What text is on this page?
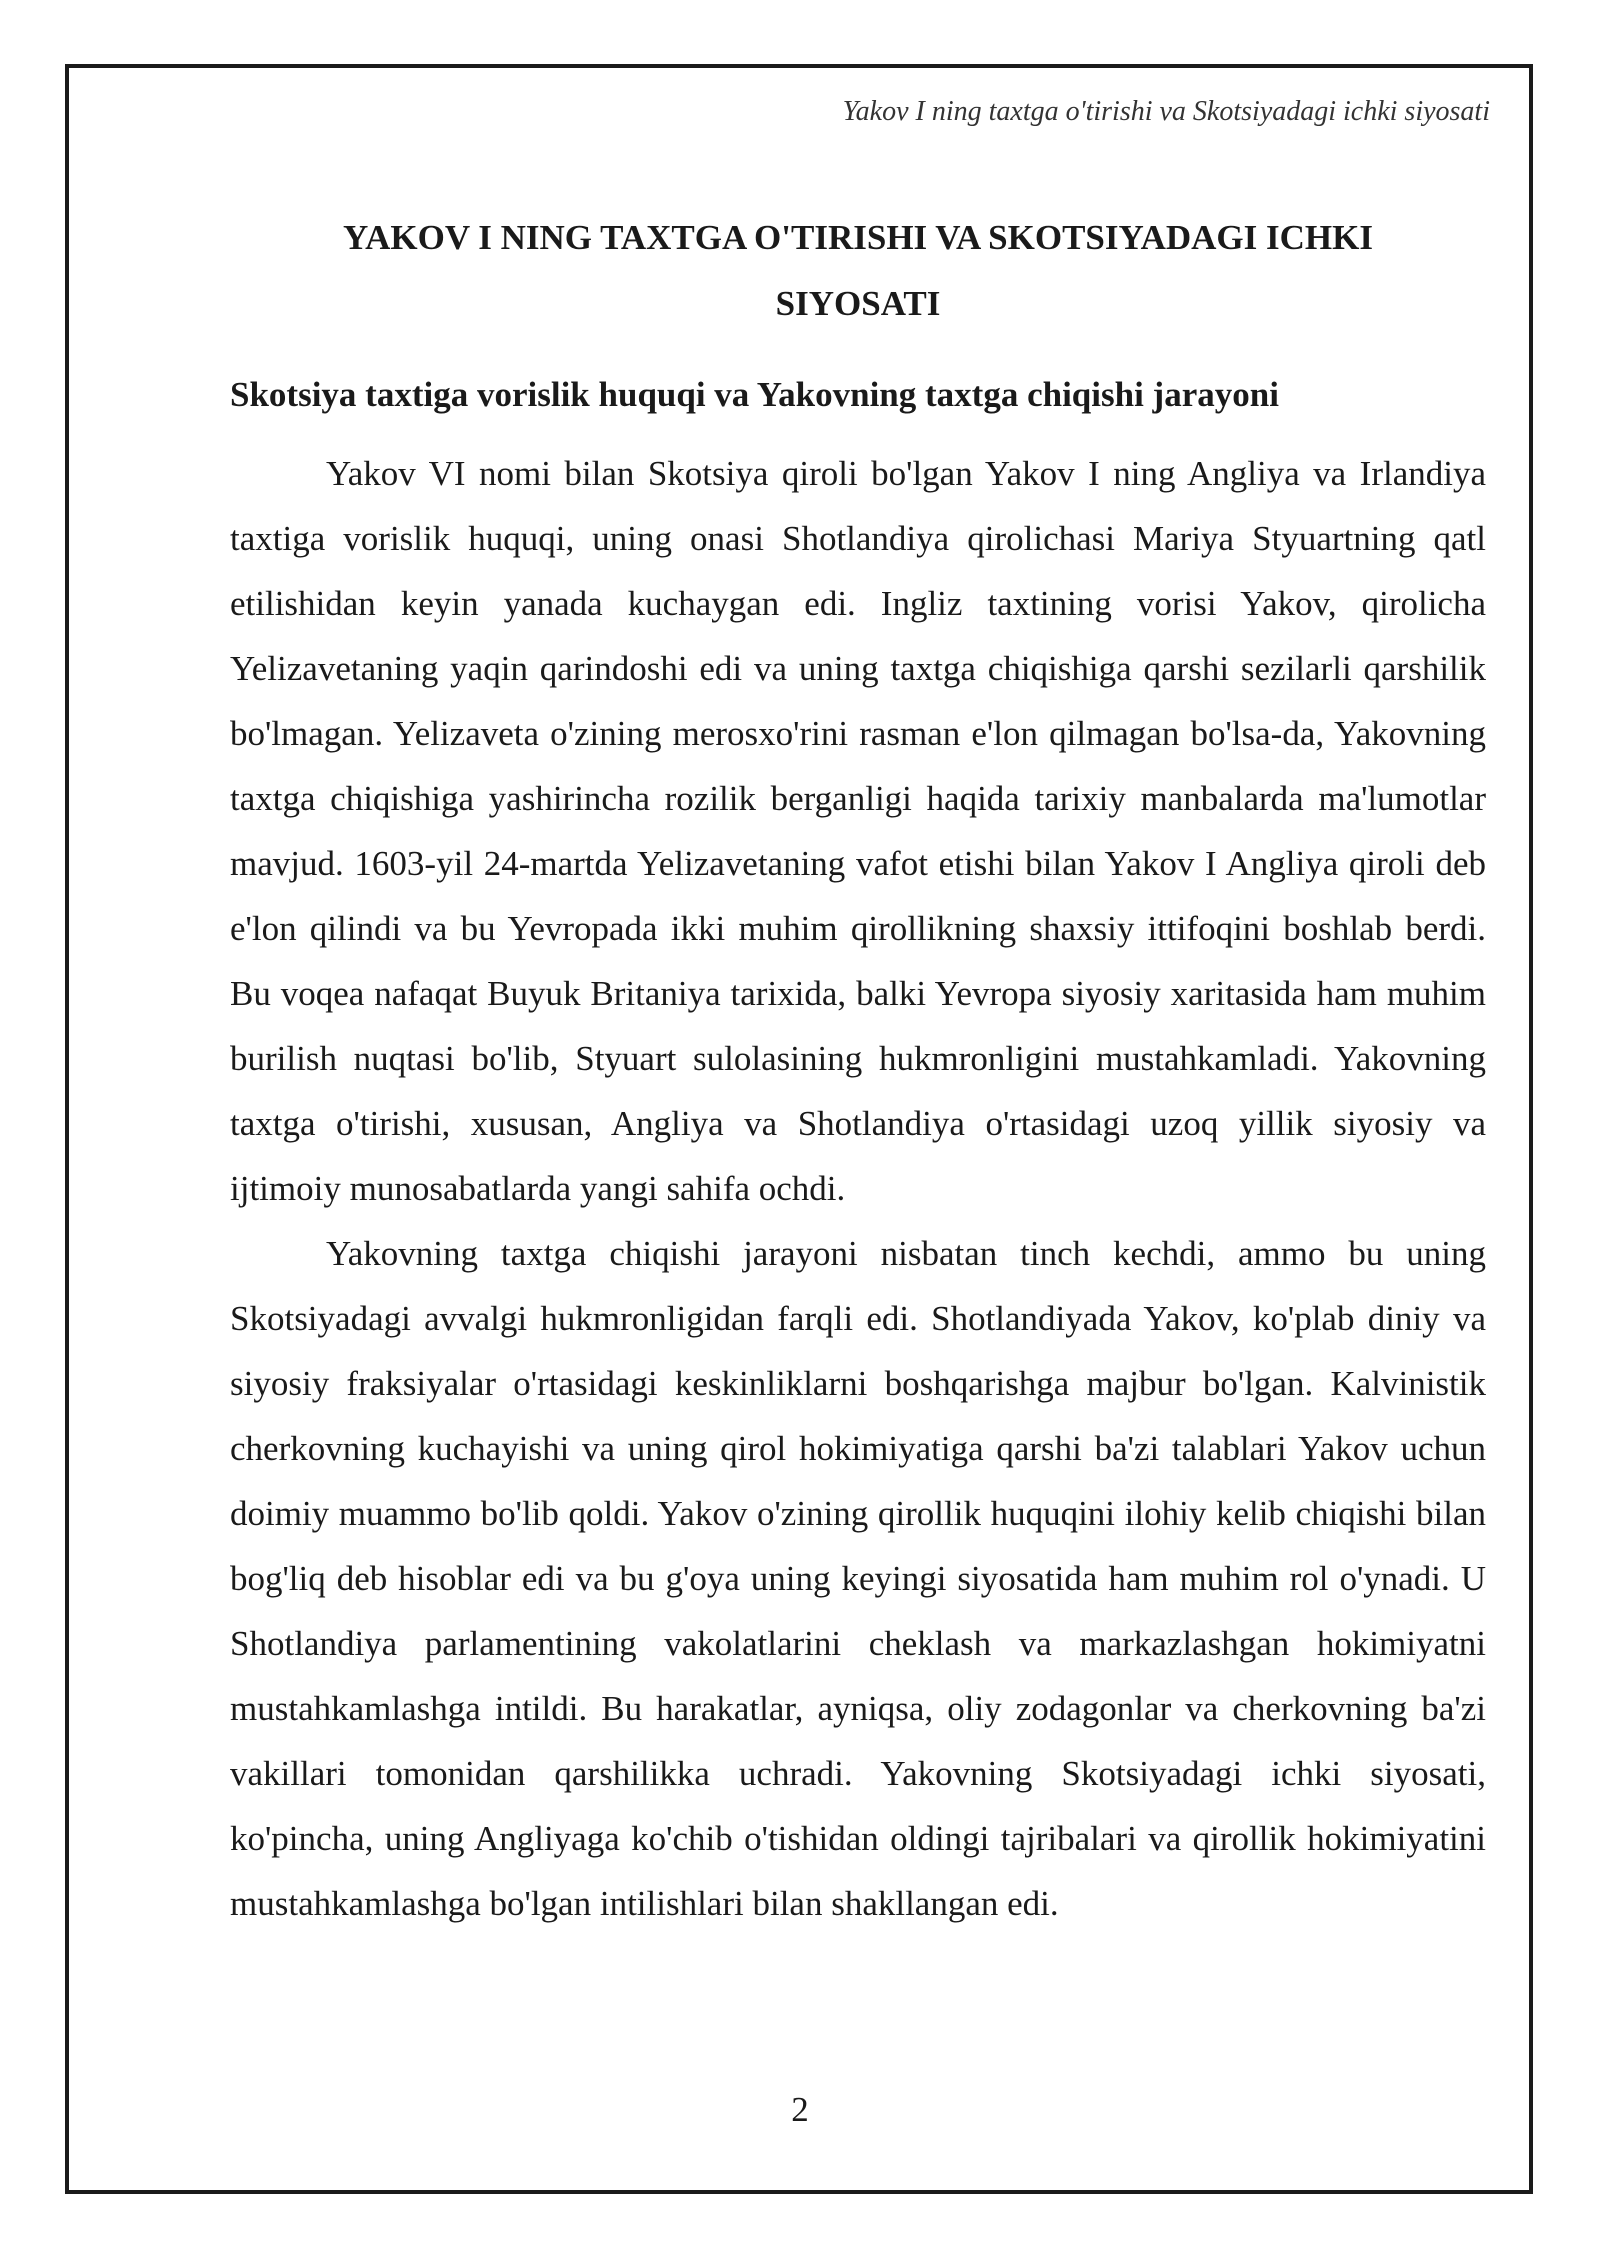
Yakov I ning taxtga o'tirishi va Skotsiyadagi ichki siyosati
YAKOV I NING TAXTGA O'TIRISHI VA SKOTSIYADAGI ICHKI SIYOSATI
Skotsiya taxtiga vorislik huquqi va Yakovning taxtga chiqishi jarayoni

Yakov VI nomi bilan Skotsiya qiroli bo'lgan Yakov I ning Angliya va Irlandiya taxtiga vorislik huquqi, uning onasi Shotlandiya qirolichasi Mariya Styuartning qatl etilishidan keyin yanada kuchaygan edi. Ingliz taxtining vorisi Yakov, qirolicha Yelizavetaning yaqin qarindoshi edi va uning taxtga chiqishiga qarshi sezilarli qarshilik bo'lmagan. Yelizaveta o'zining merosxo'rini rasman e'lon qilmagan bo'lsa-da, Yakovning taxtga chiqishiga yashirincha rozilik berganligi haqida tarixiy manbalarda ma'lumotlar mavjud. 1603-yil 24-martda Yelizavetaning vafot etishi bilan Yakov I Angliya qiroli deb e'lon qilindi va bu Yevropada ikki muhim qirollikning shaxsiy ittifoqini boshlab berdi. Bu voqea nafaqat Buyuk Britaniya tarixida, balki Yevropa siyosiy xaritasida ham muhim burilish nuqtasi bo'lib, Styuart sulolasining hukmronligini mustahkamladi. Yakovning taxtga o'tirishi, xususan, Angliya va Shotlandiya o'rtasidagi uzoq yillik siyosiy va ijtimoiy munosabatlarda yangi sahifa ochdi.

Yakovning taxtga chiqishi jarayoni nisbatan tinch kechdi, ammo bu uning Skotsiyadagi avvalgi hukmronligidan farqli edi. Shotlandiyada Yakov, ko'plab diniy va siyosiy fraksiyalar o'rtasidagi keskinliklarni boshqarishga majbur bo'lgan. Kalvinistik cherkovning kuchayishi va uning qirol hokimiyatiga qarshi ba'zi talablari Yakov uchun doimiy muammo bo'lib qoldi. Yakov o'zining qirollik huquqini ilohiy kelib chiqishi bilan bog'liq deb hisoblar edi va bu g'oya uning keyingi siyosatida ham muhim rol o'ynadi. U Shotlandiya parlamentining vakolatlarini cheklash va markazlashgan hokimiyatni mustahkamlashga intildi. Bu harakatlar, ayniqsa, oliy zodagonlar va cherkovning ba'zi vakillari tomonidan qarshilikka uchradi. Yakovning Skotsiyadagi ichki siyosati, ko'pincha, uning Angliyaga ko'chib o'tishidan oldingi tajribalari va qirollik hokimiyatini mustahkamlashga bo'lgan intilishlari bilan shakllangan edi.

2
